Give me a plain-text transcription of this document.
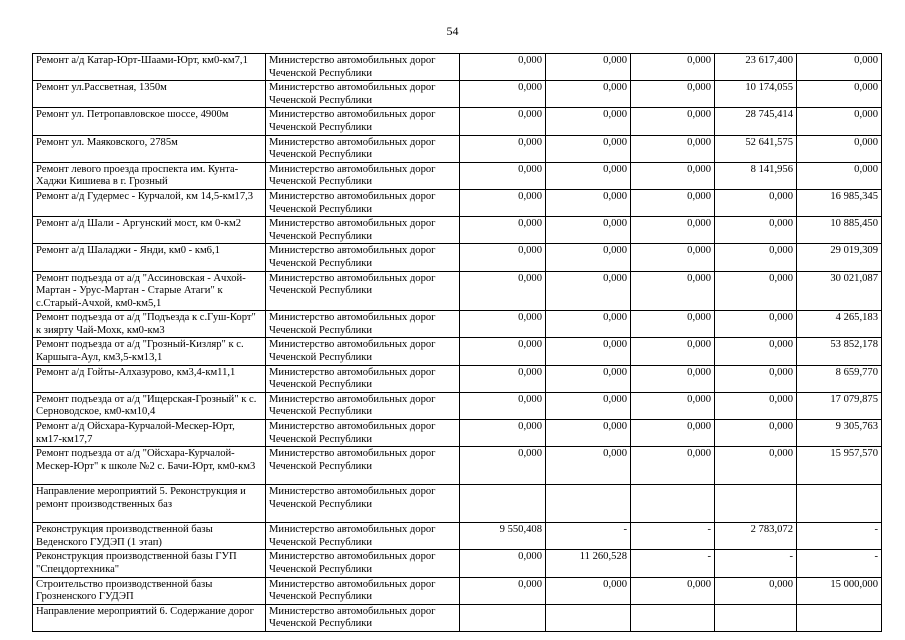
54
Ремонт а/д Катар-Юрт-Шаами-Юрт, км0-км7,1	Министерство автомобильных дорог Чеченской Республики	0,000	0,000	0,000	23 617,400	0,000
Ремонт ул.Рассветная, 1350м	Министерство автомобильных дорог Чеченской Республики	0,000	0,000	0,000	10 174,055	0,000
Ремонт ул. Петропавловское шоссе, 4900м	Министерство автомобильных дорог Чеченской Республики	0,000	0,000	0,000	28 745,414	0,000
Ремонт ул. Маяковского, 2785м	Министерство автомобильных дорог Чеченской Республики	0,000	0,000	0,000	52 641,575	0,000
Ремонт левого проезда проспекта им. Кунта-Хаджи Кишиева в г. Грозный	Министерство автомобильных дорог Чеченской Республики	0,000	0,000	0,000	8 141,956	0,000
Ремонт а/д Гудермес - Курчалой, км 14,5-км17,3	Министерство автомобильных дорог Чеченской Республики	0,000	0,000	0,000	0,000	16 985,345
Ремонт а/д Шали - Аргунский мост, км 0-км2	Министерство автомобильных дорог Чеченской Республики	0,000	0,000	0,000	0,000	10 885,450
Ремонт а/д Шаладжи - Янди, км0 - км6,1	Министерство автомобильных дорог Чеченской Республики	0,000	0,000	0,000	0,000	29 019,309
Ремонт подъезда от а/д "Ассиновская - Ачхой-Мартан - Урус-Мартан - Старые Атаги" к с.Старый-Ачхой, км0-км5,1	Министерство автомобильных дорог Чеченской Республики	0,000	0,000	0,000	0,000	30 021,087
Ремонт подъезда от а/д "Подъезда к с.Гуш-Корт" к зиярту Чай-Мохк, км0-км3	Министерство автомобильных дорог Чеченской Республики	0,000	0,000	0,000	0,000	4 265,183
Ремонт подъезда от а/д "Грозный-Кизляр" к с. Каршыга-Аул, км3,5-км13,1	Министерство автомобильных дорог Чеченской Республики	0,000	0,000	0,000	0,000	53 852,178
Ремонт а/д Гойты-Алхазурово, км3,4-км11,1	Министерство автомобильных дорог Чеченской Республики	0,000	0,000	0,000	0,000	8 659,770
Ремонт подъезда от а/д "Ищерская-Грозный" к с. Серноводское, км0-км10,4	Министерство автомобильных дорог Чеченской Республики	0,000	0,000	0,000	0,000	17 079,875
Ремонт а/д Ойсхара-Курчалой-Мескер-Юрт, км17-км17,7	Министерство автомобильных дорог Чеченской Республики	0,000	0,000	0,000	0,000	9 305,763
Ремонт подъезда от а/д "Ойсхара-Курчалой-Мескер-Юрт" к школе №2 с. Бачи-Юрт, км0-км3	Министерство автомобильных дорог Чеченской Республики	0,000	0,000	0,000	0,000	15 957,570
Направление мероприятий 5. Реконструкция и ремонт производственных баз	Министерство автомобильных дорог Чеченской Республики					
Реконструкция производственной базы Веденского ГУДЭП (1 этап)	Министерство автомобильных дорог Чеченской Республики	9 550,408	-	-	2 783,072	-
Реконструкция производственной базы ГУП "Спецдортехника"	Министерство автомобильных дорог Чеченской Республики	0,000	11 260,528	-	-	-
Строительство производственной базы Грозненского ГУДЭП	Министерство автомобильных дорог Чеченской Республики	0,000	0,000	0,000	0,000	15 000,000
Направление мероприятий 6. Содержание дорог	Министерство автомобильных дорог Чеченской Республики					
